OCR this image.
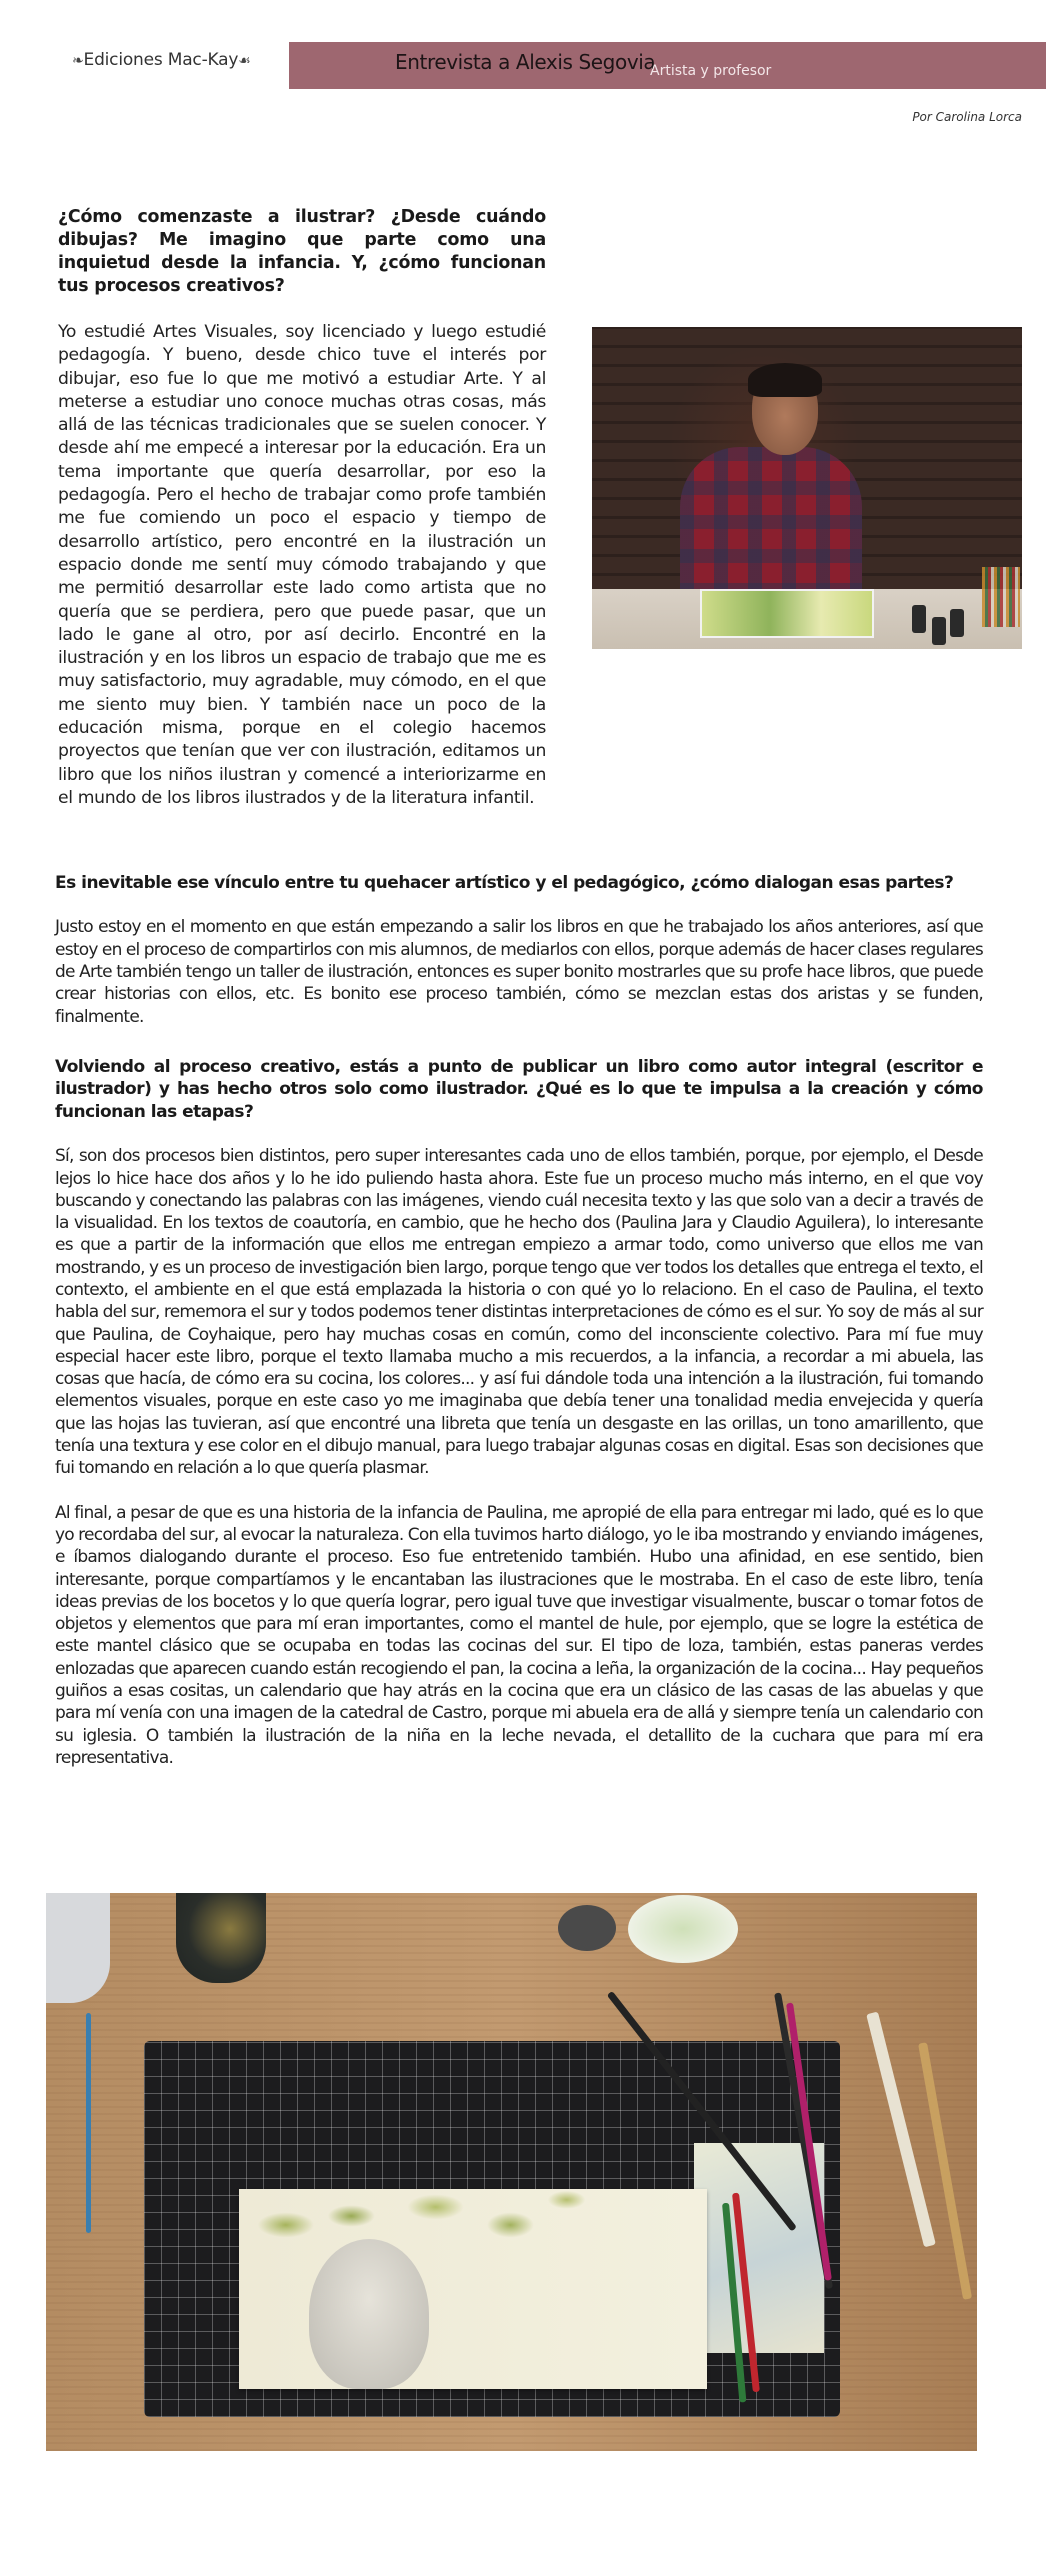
❧Ediciones Mac-Kay☙	Entrevista a Alexis Segovia
Artista y profesor
Por Carolina Lorca

¿Cómo comenzaste a ilustrar? ¿Desde cuándo dibujas? Me imagino que parte como una inquietud desde la infancia. Y, ¿cómo funcionan tus procesos creativos?

Yo estudié Artes Visuales, soy licenciado y luego estudié pedagogía. Y bueno, desde chico tuve el interés por dibujar, eso fue lo que me motivó a estudiar Arte. Y al meterse a estudiar uno conoce muchas otras cosas, más allá de las técnicas tradicionales que se suelen conocer. Y desde ahí me empecé a interesar por la educación. Era un tema importante que quería desarrollar, por eso la pedagogía. Pero el hecho de trabajar como profe también me fue comiendo un poco el espacio y tiempo de desarrollo artístico, pero encontré en la ilustración un espacio donde me sentí muy cómodo trabajando y que me permitió desarrollar este lado como artista que no quería que se perdiera, pero que puede pasar, que un lado le gane al otro, por así decirlo. Encontré en la ilustración y en los libros un espacio de trabajo que me es muy satisfactorio, muy agradable, muy cómodo, en el que me siento muy bien. Y también nace un poco de la educación misma, porque en el colegio hacemos proyectos que tenían que ver con ilustración, editamos un libro que los niños ilustran y comencé a interiorizarme en el mundo de los libros ilustrados y de la literatura infantil.

Es inevitable ese vínculo entre tu quehacer artístico y el pedagógico, ¿cómo dialogan esas partes?

Justo estoy en el momento en que están empezando a salir los libros en que he trabajado los años anteriores, así que estoy en el proceso de compartirlos con mis alumnos, de mediarlos con ellos, porque además de hacer clases regulares de Arte también tengo un taller de ilustración, entonces es super bonito mostrarles que su profe hace libros, que puede crear historias con ellos, etc. Es bonito ese proceso también, cómo se mezclan estas dos aristas y se funden, finalmente.

Volviendo al proceso creativo, estás a punto de publicar un libro como autor integral (escritor e ilustrador) y has hecho otros solo como ilustrador. ¿Qué es lo que te impulsa a la creación y cómo funcionan las etapas?

Sí, son dos procesos bien distintos, pero super interesantes cada uno de ellos también, porque, por ejemplo, el Desde lejos lo hice hace dos años y lo he ido puliendo hasta ahora. Este fue un proceso mucho más interno, en el que voy buscando y conectando las palabras con las imágenes, viendo cuál necesita texto y las que solo van a decir a través de la visualidad. En los textos de coautoría, en cambio, que he hecho dos (Paulina Jara y Claudio Aguilera), lo interesante es que a partir de la información que ellos me entregan empiezo a armar todo, como universo que ellos me van mostrando, y es un proceso de investigación bien largo, porque tengo que ver todos los detalles que entrega el texto, el contexto, el ambiente en el que está emplazada la historia o con qué yo lo relaciono. En el caso de Paulina, el texto habla del sur, rememora el sur y todos podemos tener distintas interpretaciones de cómo es el sur. Yo soy de más al sur que Paulina, de Coyhaique, pero hay muchas cosas en común, como del inconsciente colectivo. Para mí fue muy especial hacer este libro, porque el texto llamaba mucho a mis recuerdos, a la infancia, a recordar a mi abuela, las cosas que hacía, de cómo era su cocina, los colores... y así fui dándole toda una intención a la ilustración, fui tomando elementos visuales, porque en este caso yo me imaginaba que debía tener una tonalidad media envejecida y quería que las hojas las tuvieran, así que encontré una libreta que tenía un desgaste en las orillas, un tono amarillento, que tenía una textura y ese color en el dibujo manual, para luego trabajar algunas cosas en digital. Esas son decisiones que fui tomando en relación a lo que quería plasmar.

Al final, a pesar de que es una historia de la infancia de Paulina, me apropié de ella para entregar mi lado, qué es lo que yo recordaba del sur, al evocar la naturaleza. Con ella tuvimos harto diálogo, yo le iba mostrando y enviando imágenes, e íbamos dialogando durante el proceso. Eso fue entretenido también. Hubo una afinidad, en ese sentido, bien interesante, porque compartíamos y le encantaban las ilustraciones que le mostraba. En el caso de este libro, tenía ideas previas de los bocetos y lo que quería lograr, pero igual tuve que investigar visualmente, buscar o tomar fotos de objetos y elementos que para mí eran importantes, como el mantel de hule, por ejemplo, que se logre la estética de este mantel clásico que se ocupaba en todas las cocinas del sur. El tipo de loza, también, estas paneras verdes enlozadas que aparecen cuando están recogiendo el pan, la cocina a leña, la organización de la cocina... Hay pequeños guiños a esas cositas, un calendario que hay atrás en la cocina que era un clásico de las casas de las abuelas y que para mí venía con una imagen de la catedral de Castro, porque mi abuela era de allá y siempre tenía un calendario con su iglesia. O también la ilustración de la niña en la leche nevada, el detallito de la cuchara que para mí era representativa.
